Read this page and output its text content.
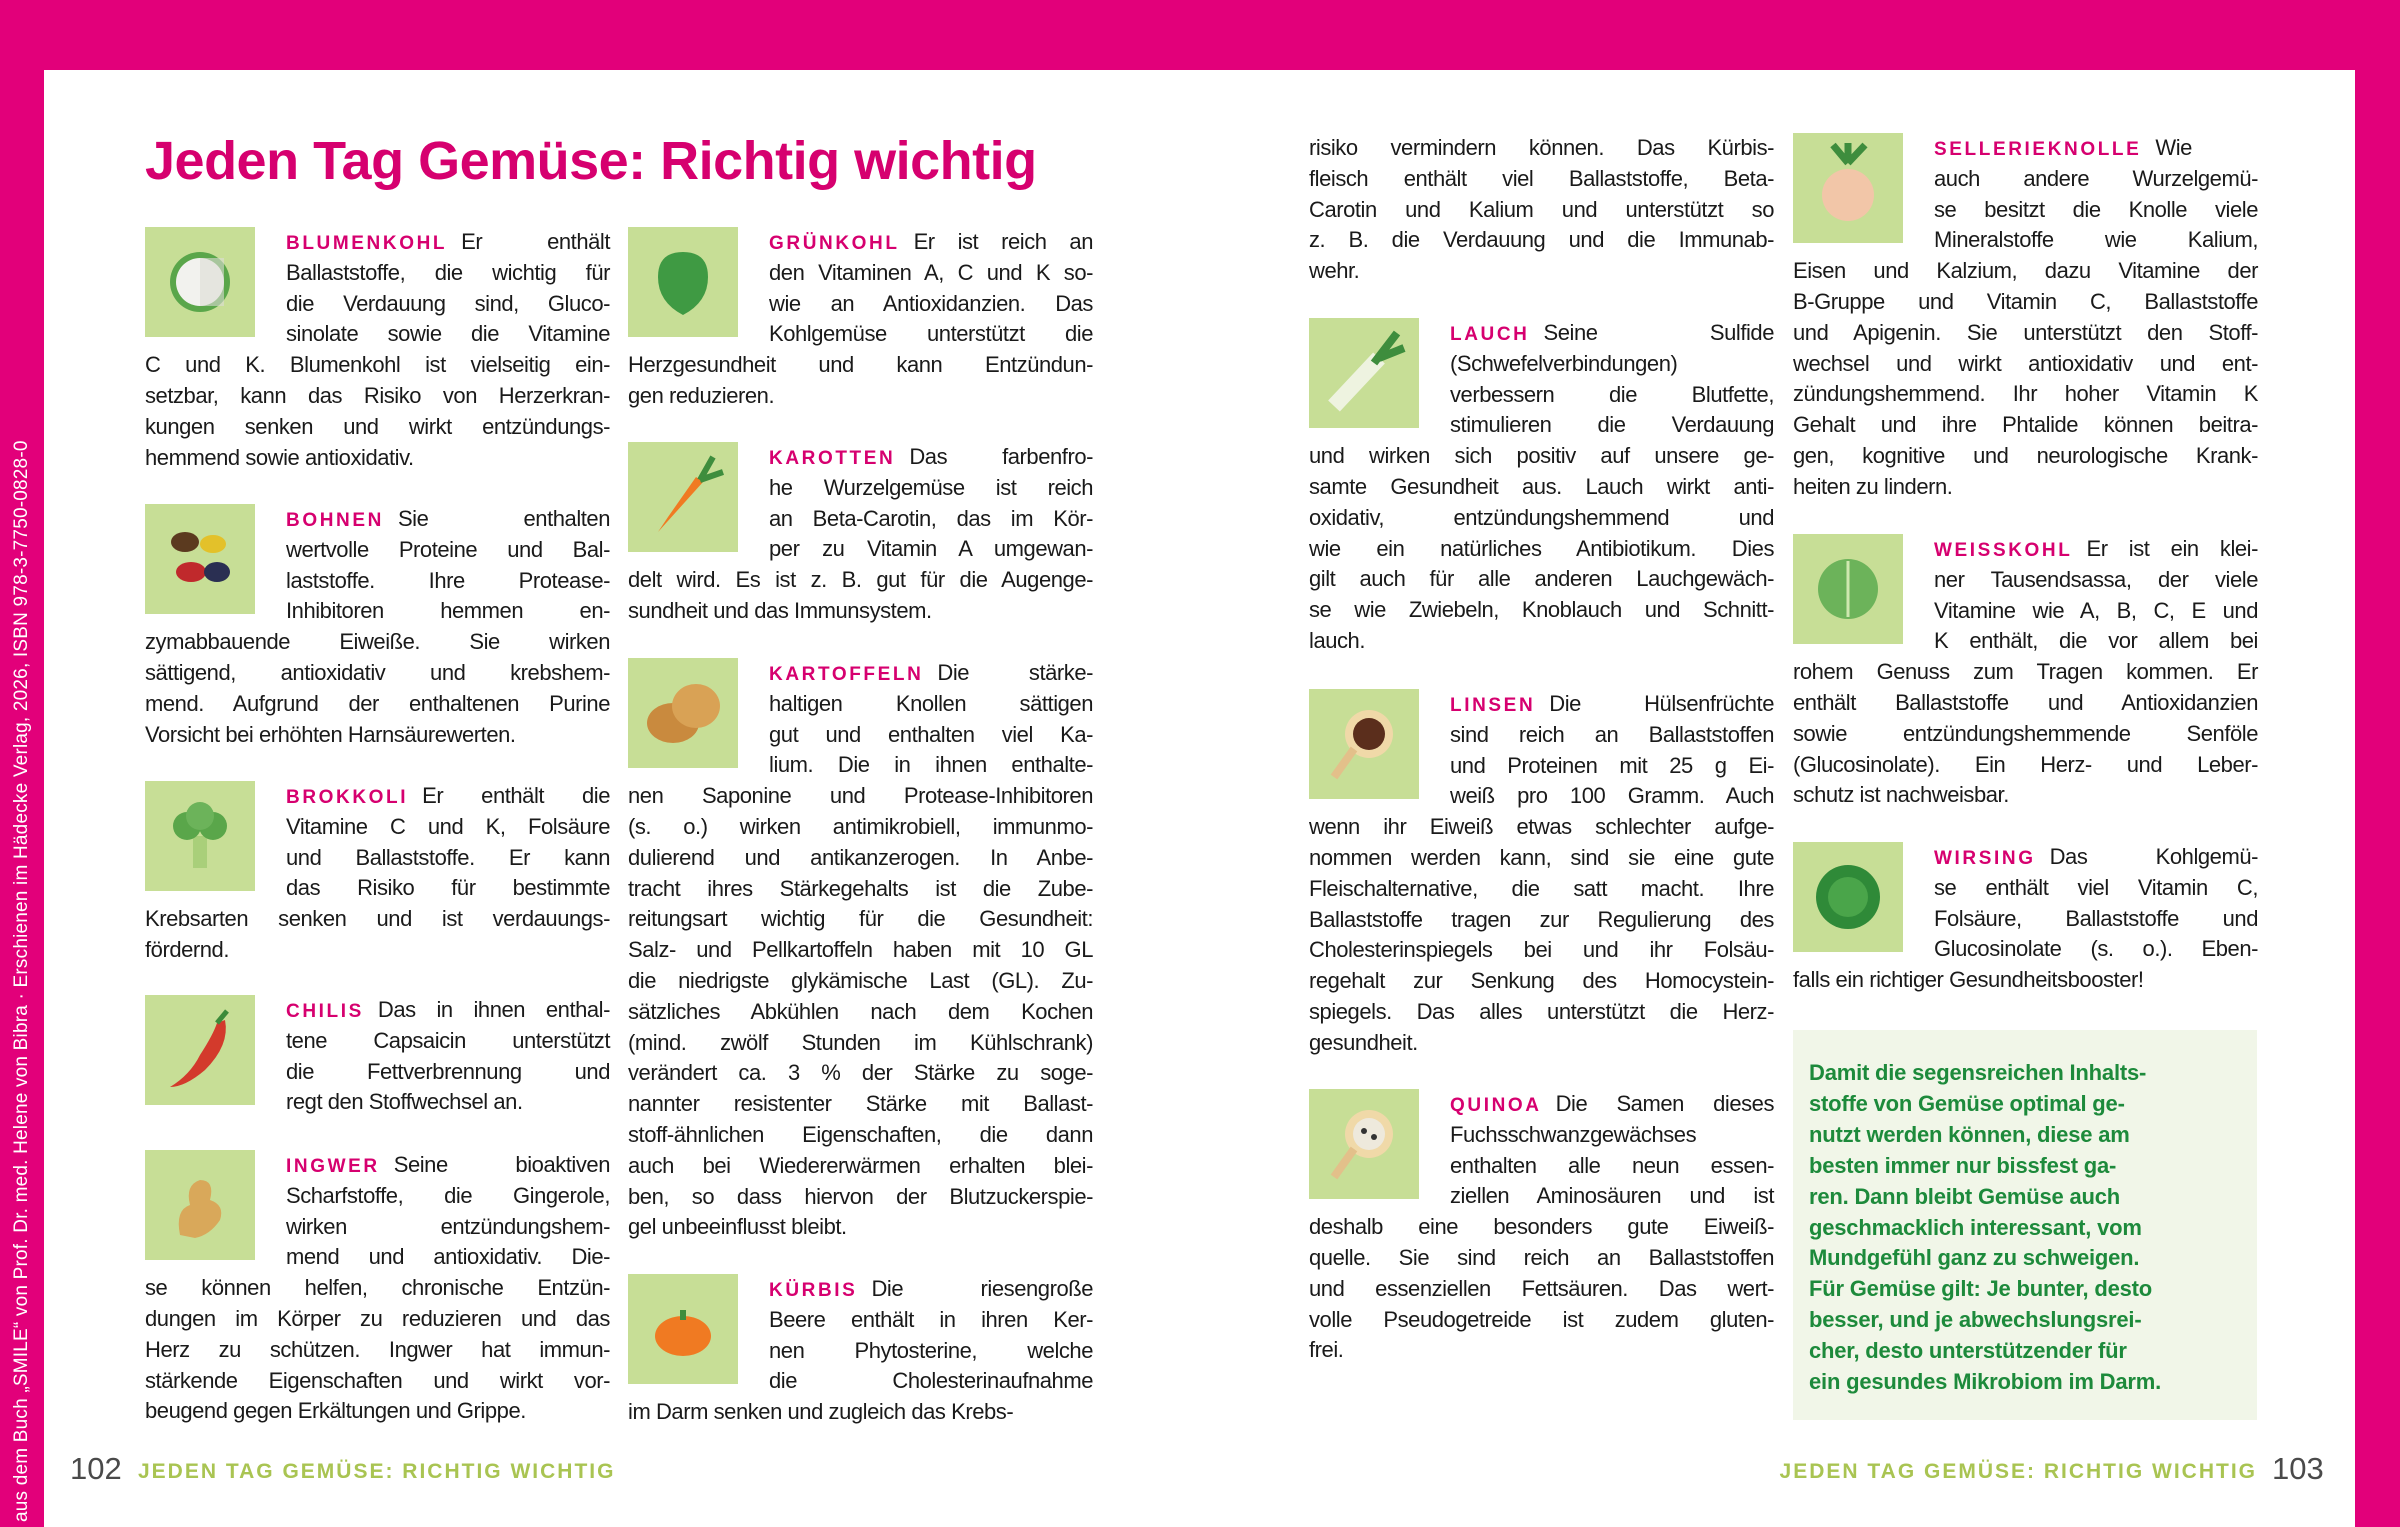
aus dem Buch „SMILE“ von Prof. Dr. med. Helene von Bibra · Erschienen im Hädecke Verlag, 2026, ISBN 978-3-7750-0828-0
Jeden Tag Gemüse: Richtig wichtig
BLUMENKOHL Er enthält
Ballaststoffe, die wichtig für
die Verdauung sind, Gluco-
sinolate sowie die Vitamine
C und K. Blumenkohl ist vielseitig ein-
setzbar, kann das Risiko von Herzerkran-
kungen senken und wirkt entzündungs-
hemmend sowie antioxidativ.
BOHNEN Sie enthalten
wertvolle Proteine und Bal-
laststoffe. Ihre Protease-
Inhibitoren hemmen en-
zymabbauende Eiweiße. Sie wirken
sättigend, antioxidativ und krebshem-
mend. Aufgrund der enthaltenen Purine
Vorsicht bei erhöhten Harnsäurewerten.
BROKKOLI Er enthält die
Vitamine C und K, Folsäure
und Ballaststoffe. Er kann
das Risiko für bestimmte
Krebsarten senken und ist verdauungs-
fördernd.
CHILIS Das in ihnen enthal-
tene Capsaicin unterstützt
die Fettverbrennung und
regt den Stoffwechsel an.
INGWER Seine bioaktiven
Scharfstoffe, die Gingerole,
wirken entzündungshem-
mend und antioxidativ. Die-
se können helfen, chronische Entzün-
dungen im Körper zu reduzieren und das
Herz zu schützen. Ingwer hat immun-
stärkende Eigenschaften und wirkt vor-
beugend gegen Erkältungen und Grippe.
GRÜNKOHL Er ist reich an
den Vitaminen A, C und K so-
wie an Antioxidanzien. Das
Kohlgemüse unterstützt die
Herzgesundheit und kann Entzündun-
gen reduzieren.
KAROTTEN Das farbenfro-
he Wurzelgemüse ist reich
an Beta-Carotin, das im Kör-
per zu Vitamin A umgewan-
delt wird. Es ist z. B. gut für die Augenge-
sundheit und das Immunsystem.
KARTOFFELN Die stärke-
haltigen Knollen sättigen
gut und enthalten viel Ka-
lium. Die in ihnen enthalte-
nen Saponine und Protease-Inhibitoren
(s. o.) wirken antimikrobiell, immunmo-
dulierend und antikanzerogen. In Anbe-
tracht ihres Stärkegehalts ist die Zube-
reitungsart wichtig für die Gesundheit:
Salz- und Pellkartoffeln haben mit 10 GL
die niedrigste glykämische Last (GL). Zu-
sätzliches Abkühlen nach dem Kochen
(mind. zwölf Stunden im Kühlschrank)
verändert ca. 3 % der Stärke zu soge-
nannter resistenter Stärke mit Ballast-
stoff-ähnlichen Eigenschaften, die dann
auch bei Wiedererwärmen erhalten blei-
ben, so dass hiervon der Blutzuckerspie-
gel unbeeinflusst bleibt.
KÜRBIS Die riesengroße
Beere enthält in ihren Ker-
nen Phytosterine, welche
die Cholesterinaufnahme
im Darm senken und zugleich das Krebs-
risiko vermindern können. Das Kürbis-
fleisch enthält viel Ballaststoffe, Beta-
Carotin und Kalium und unterstützt so
z. B. die Verdauung und die Immunab-
wehr.
LAUCH Seine Sulfide
(Schwefelverbindungen)
verbessern die Blutfette,
stimulieren die Verdauung
und wirken sich positiv auf unsere ge-
samte Gesundheit aus. Lauch wirkt anti-
oxidativ, entzündungshemmend und
wie ein natürliches Antibiotikum. Dies
gilt auch für alle anderen Lauchgewäch-
se wie Zwiebeln, Knoblauch und Schnitt-
lauch.
LINSEN Die Hülsenfrüchte
sind reich an Ballaststoffen
und Proteinen mit 25 g Ei-
weiß pro 100 Gramm. Auch
wenn ihr Eiweiß etwas schlechter aufge-
nommen werden kann, sind sie eine gute
Fleischalternative, die satt macht. Ihre
Ballaststoffe tragen zur Regulierung des
Cholesterinspiegels bei und ihr Folsäu-
regehalt zur Senkung des Homocystein-
spiegels. Das alles unterstützt die Herz-
gesundheit.
QUINOA Die Samen dieses
Fuchsschwanzgewächses
enthalten alle neun essen-
ziellen Aminosäuren und ist
deshalb eine besonders gute Eiweiß-
quelle. Sie sind reich an Ballaststoffen
und essenziellen Fettsäuren. Das wert-
volle Pseudogetreide ist zudem gluten-
frei.
SELLERIEKNOLLE Wie
auch andere Wurzelgemü-
se besitzt die Knolle viele
Mineralstoffe wie Kalium,
Eisen und Kalzium, dazu Vitamine der
B-Gruppe und Vitamin C, Ballaststoffe
und Apigenin. Sie unterstützt den Stoff-
wechsel und wirkt antioxidativ und ent-
zündungshemmend. Ihr hoher Vitamin K
Gehalt und ihre Phtalide können beitra-
gen, kognitive und neurologische Krank-
heiten zu lindern.
WEISSKOHL Er ist ein klei-
ner Tausendsassa, der viele
Vitamine wie A, B, C, E und
K enthält, die vor allem bei
rohem Genuss zum Tragen kommen. Er
enthält Ballaststoffe und Antioxidanzien
sowie entzündungshemmende Senföle
(Glucosinolate). Ein Herz- und Leber-
schutz ist nachweisbar.
WIRSING Das Kohlgemü-
se enthält viel Vitamin C,
Folsäure, Ballaststoffe und
Glucosinolate (s. o.). Eben-
falls ein richtiger Gesundheitsbooster!
Damit die segensreichen Inhalts-
stoffe von Gemüse optimal ge-
nutzt werden können, diese am
besten immer nur bissfest ga-
ren. Dann bleibt Gemüse auch
geschmacklich interessant, vom
Mundgefühl ganz zu schweigen.
Für Gemüse gilt: Je bunter, desto
besser, und je abwechslungsrei-
cher, desto unterstützender für
ein gesundes Mikrobiom im Darm.
102 JEDEN TAG GEMÜSE: RICHTIG WICHTIG	JEDEN TAG GEMÜSE: RICHTIG WICHTIG 103
